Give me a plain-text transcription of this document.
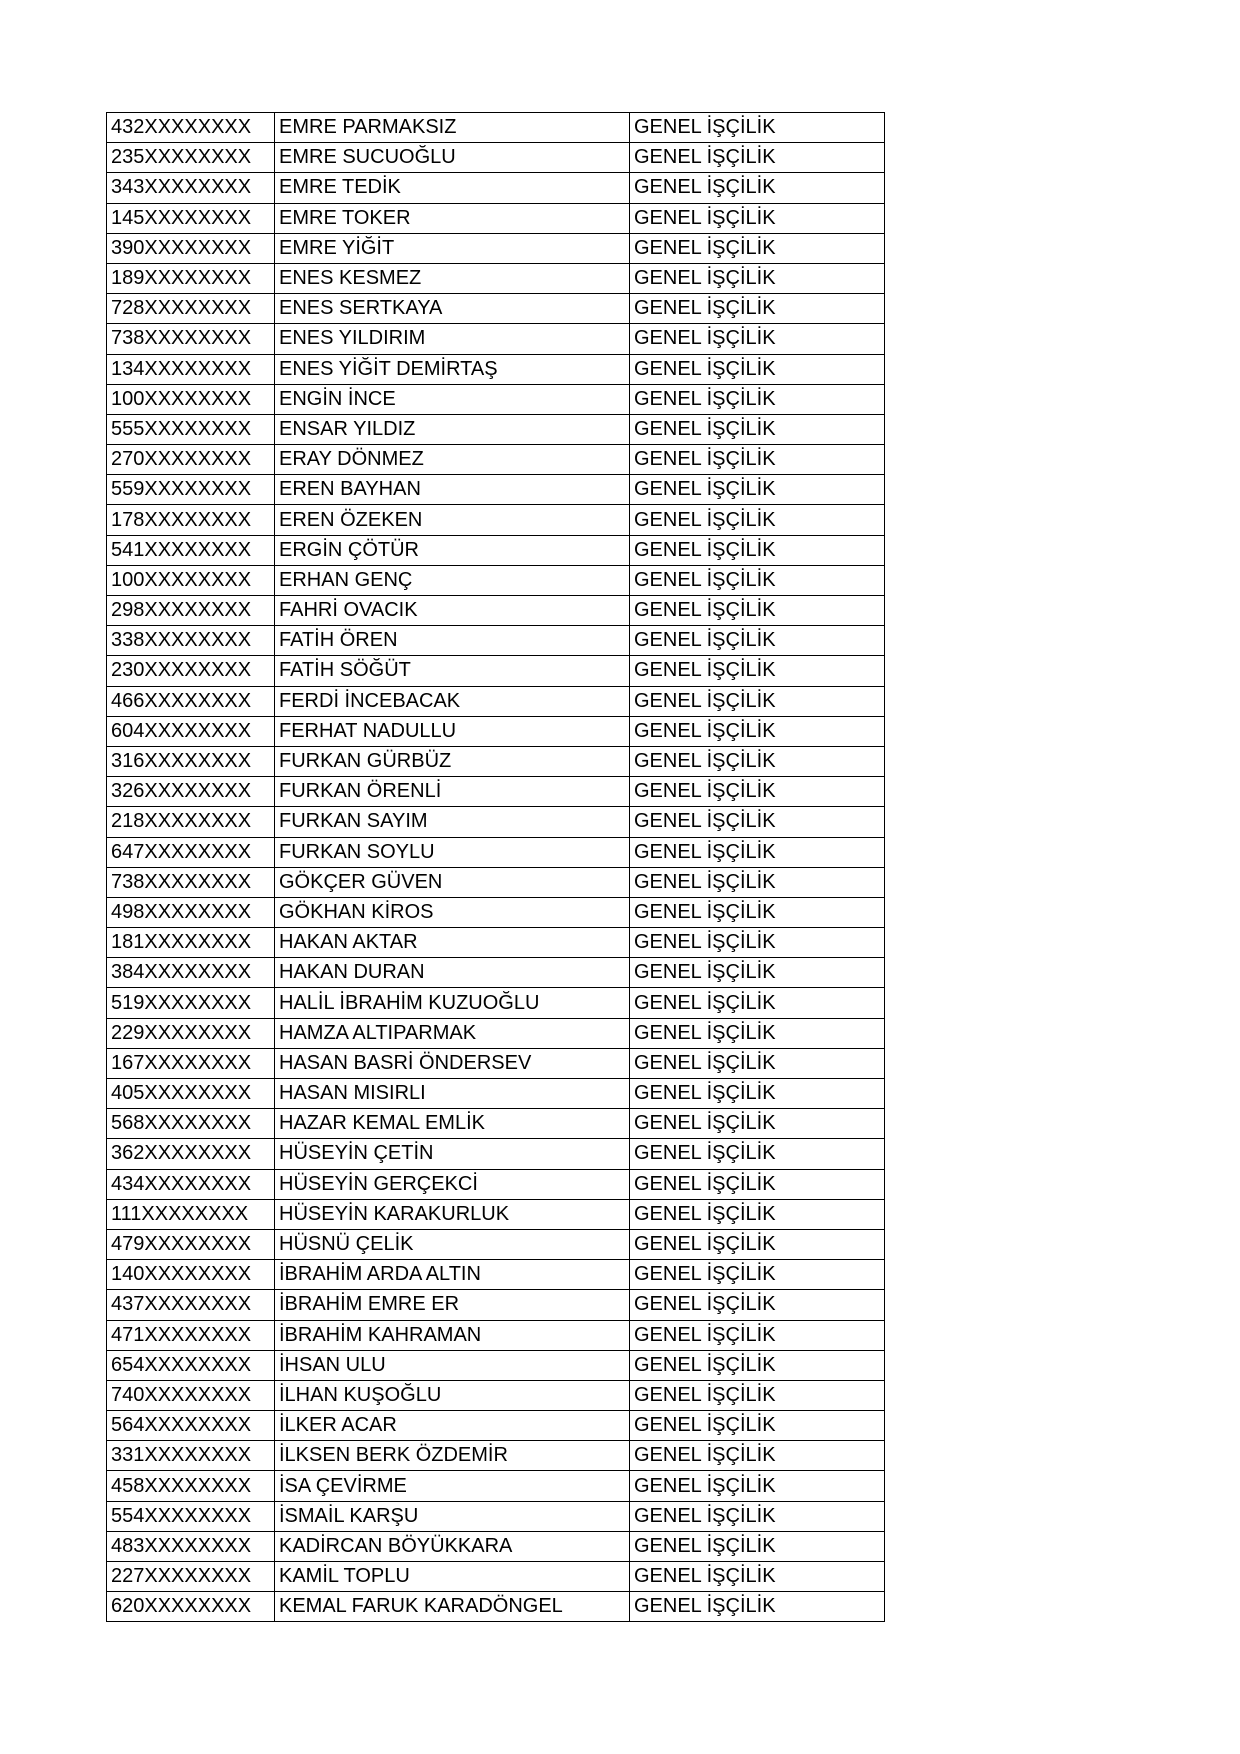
432XXXXXXXX	EMRE PARMAKSIZ	GENEL İŞÇİLİK
235XXXXXXXX	EMRE SUCUOĞLU	GENEL İŞÇİLİK
343XXXXXXXX	EMRE TEDİK	GENEL İŞÇİLİK
145XXXXXXXX	EMRE TOKER	GENEL İŞÇİLİK
390XXXXXXXX	EMRE YİĞİT	GENEL İŞÇİLİK
189XXXXXXXX	ENES KESMEZ	GENEL İŞÇİLİK
728XXXXXXXX	ENES SERTKAYA	GENEL İŞÇİLİK
738XXXXXXXX	ENES YILDIRIM	GENEL İŞÇİLİK
134XXXXXXXX	ENES YİĞİT DEMİRTAŞ	GENEL İŞÇİLİK
100XXXXXXXX	ENGİN İNCE	GENEL İŞÇİLİK
555XXXXXXXX	ENSAR YILDIZ	GENEL İŞÇİLİK
270XXXXXXXX	ERAY DÖNMEZ	GENEL İŞÇİLİK
559XXXXXXXX	EREN BAYHAN	GENEL İŞÇİLİK
178XXXXXXXX	EREN ÖZEKEN	GENEL İŞÇİLİK
541XXXXXXXX	ERGİN ÇÖTÜR	GENEL İŞÇİLİK
100XXXXXXXX	ERHAN GENÇ	GENEL İŞÇİLİK
298XXXXXXXX	FAHRİ OVACIK	GENEL İŞÇİLİK
338XXXXXXXX	FATİH ÖREN	GENEL İŞÇİLİK
230XXXXXXXX	FATİH SÖĞÜT	GENEL İŞÇİLİK
466XXXXXXXX	FERDİ İNCEBACAK	GENEL İŞÇİLİK
604XXXXXXXX	FERHAT NADULLU	GENEL İŞÇİLİK
316XXXXXXXX	FURKAN GÜRBÜZ	GENEL İŞÇİLİK
326XXXXXXXX	FURKAN ÖRENLİ	GENEL İŞÇİLİK
218XXXXXXXX	FURKAN SAYIM	GENEL İŞÇİLİK
647XXXXXXXX	FURKAN SOYLU	GENEL İŞÇİLİK
738XXXXXXXX	GÖKÇER GÜVEN	GENEL İŞÇİLİK
498XXXXXXXX	GÖKHAN KİROS	GENEL İŞÇİLİK
181XXXXXXXX	HAKAN AKTAR	GENEL İŞÇİLİK
384XXXXXXXX	HAKAN DURAN	GENEL İŞÇİLİK
519XXXXXXXX	HALİL İBRAHİM KUZUOĞLU	GENEL İŞÇİLİK
229XXXXXXXX	HAMZA ALTIPARMAK	GENEL İŞÇİLİK
167XXXXXXXX	HASAN BASRİ ÖNDERSEV	GENEL İŞÇİLİK
405XXXXXXXX	HASAN MISIRLI	GENEL İŞÇİLİK
568XXXXXXXX	HAZAR KEMAL EMLİK	GENEL İŞÇİLİK
362XXXXXXXX	HÜSEYİN ÇETİN	GENEL İŞÇİLİK
434XXXXXXXX	HÜSEYİN GERÇEKCİ	GENEL İŞÇİLİK
111XXXXXXXX	HÜSEYİN KARAKURLUK	GENEL İŞÇİLİK
479XXXXXXXX	HÜSNÜ ÇELİK	GENEL İŞÇİLİK
140XXXXXXXX	İBRAHİM ARDA ALTIN	GENEL İŞÇİLİK
437XXXXXXXX	İBRAHİM EMRE ER	GENEL İŞÇİLİK
471XXXXXXXX	İBRAHİM KAHRAMAN	GENEL İŞÇİLİK
654XXXXXXXX	İHSAN ULU	GENEL İŞÇİLİK
740XXXXXXXX	İLHAN KUŞOĞLU	GENEL İŞÇİLİK
564XXXXXXXX	İLKER ACAR	GENEL İŞÇİLİK
331XXXXXXXX	İLKSEN BERK ÖZDEMİR	GENEL İŞÇİLİK
458XXXXXXXX	İSA ÇEVİRME	GENEL İŞÇİLİK
554XXXXXXXX	İSMAİL KARŞU	GENEL İŞÇİLİK
483XXXXXXXX	KADİRCAN BÖYÜKKARA	GENEL İŞÇİLİK
227XXXXXXXX	KAMİL TOPLU	GENEL İŞÇİLİK
620XXXXXXXX	KEMAL FARUK KARADÖNGEL	GENEL İŞÇİLİK
